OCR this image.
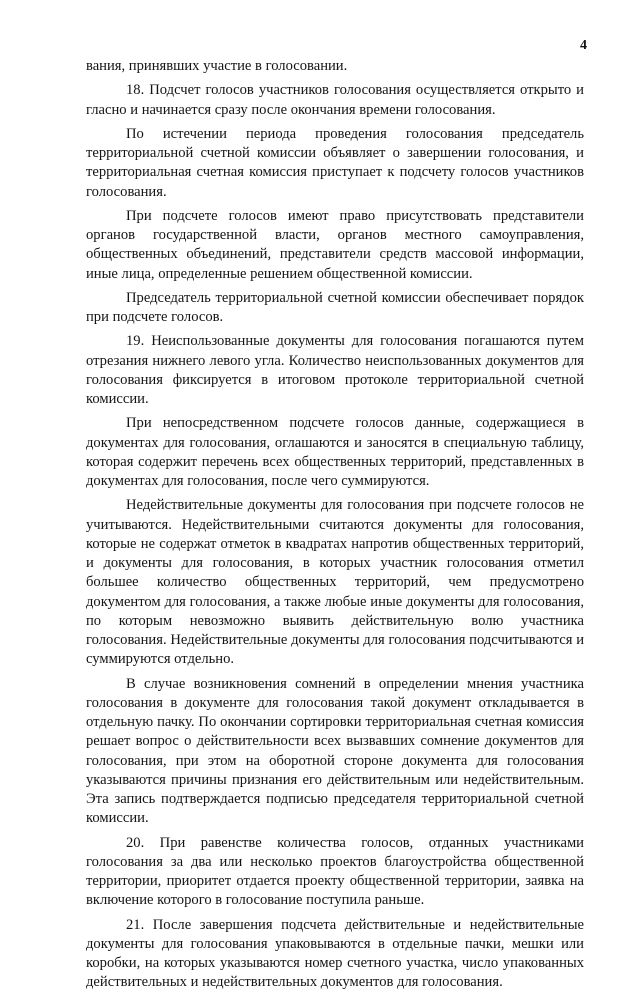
4

вания, принявших участие в голосовании.

18. Подсчет голосов участников голосования осуществляется открыто и гласно и начинается сразу после окончания времени голосования.

По истечении периода проведения голосования председатель территориальной счетной комиссии объявляет о завершении голосования, и территориальная счетная комиссия приступает к подсчету голосов участников голосования.

При подсчете голосов имеют право присутствовать представители органов государственной власти, органов местного самоуправления, общественных объединений, представители средств массовой информации, иные лица, определенные решением общественной комиссии.

Председатель территориальной счетной комиссии обеспечивает порядок при подсчете голосов.

19. Неиспользованные документы для голосования погашаются путем отрезания нижнего левого угла. Количество неиспользованных документов для голосования фиксируется в итоговом протоколе территориальной счетной комиссии.

При непосредственном подсчете голосов данные, содержащиеся в документах для голосования, оглашаются и заносятся в специальную таблицу, которая содержит перечень всех общественных территорий, представленных в документах для голосования, после чего суммируются.

Недействительные документы для голосования при подсчете голосов не учитываются. Недействительными считаются документы для голосования, которые не содержат отметок в квадратах напротив общественных территорий, и документы для голосования, в которых участник голосования отметил большее количество общественных территорий, чем предусмотрено документом для голосования, а также любые иные документы для голосования, по которым невозможно выявить действительную волю участника голосования. Недействительные документы для голосования подсчитываются и суммируются отдельно.

В случае возникновения сомнений в определении мнения участника голосования в документе для голосования такой документ откладывается в отдельную пачку. По окончании сортировки территориальная счетная комиссия решает вопрос о действительности всех вызвавших сомнение документов для голосования, при этом на оборотной стороне документа для голосования указываются причины признания его действительным или недействительным. Эта запись подтверждается подписью председателя территориальной счетной комиссии.

20. При равенстве количества голосов, отданных участниками голосования за два или несколько проектов благоустройства общественной территории, приоритет отдается проекту общественной территории, заявка на включение которого в голосование поступила раньше.

21. После завершения подсчета действительные и недействительные документы для голосования упаковываются в отдельные пачки, мешки или коробки, на которых указываются номер счетного участка, число упакованных действительных и недействительных документов для голосования.
